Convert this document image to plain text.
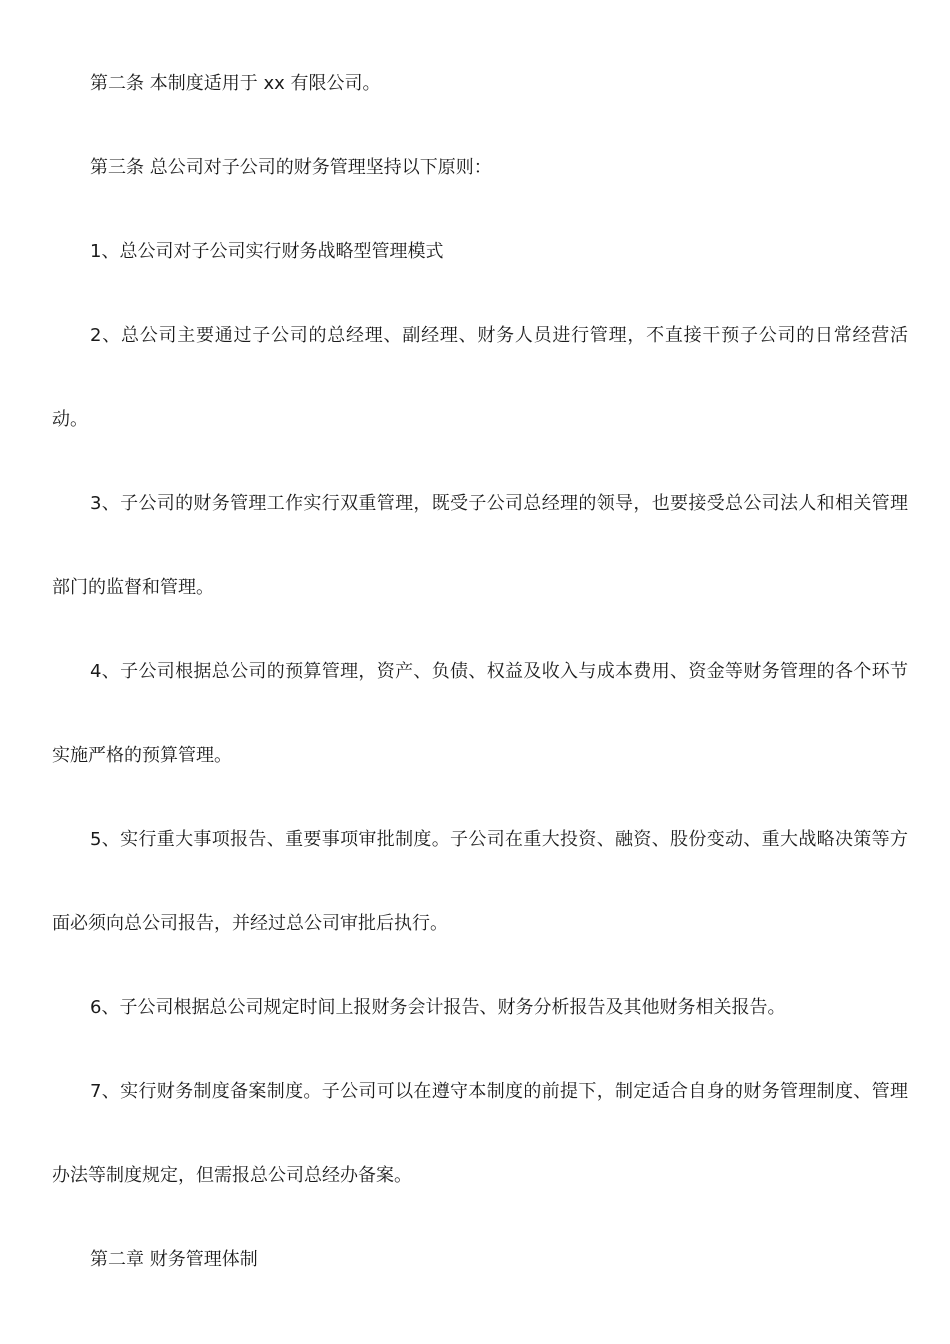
第二条 本制度适用于 xx 有限公司。

第三条 总公司对子公司的财务管理坚持以下原则：

1、总公司对子公司实行财务战略型管理模式

2、总公司主要通过子公司的总经理、副经理、财务人员进行管理，不直接干预子公司的日常经营活动。

3、子公司的财务管理工作实行双重管理，既受子公司总经理的领导，也要接受总公司法人和相关管理部门的监督和管理。

4、子公司根据总公司的预算管理，资产、负债、权益及收入与成本费用、资金等财务管理的各个环节实施严格的预算管理。

5、实行重大事项报告、重要事项审批制度。子公司在重大投资、融资、股份变动、重大战略决策等方面必须向总公司报告，并经过总公司审批后执行。

6、子公司根据总公司规定时间上报财务会计报告、财务分析报告及其他财务相关报告。

7、实行财务制度备案制度。子公司可以在遵守本制度的前提下，制定适合自身的财务管理制度、管理办法等制度规定，但需报总公司总经办备案。

第二章 财务管理体制
